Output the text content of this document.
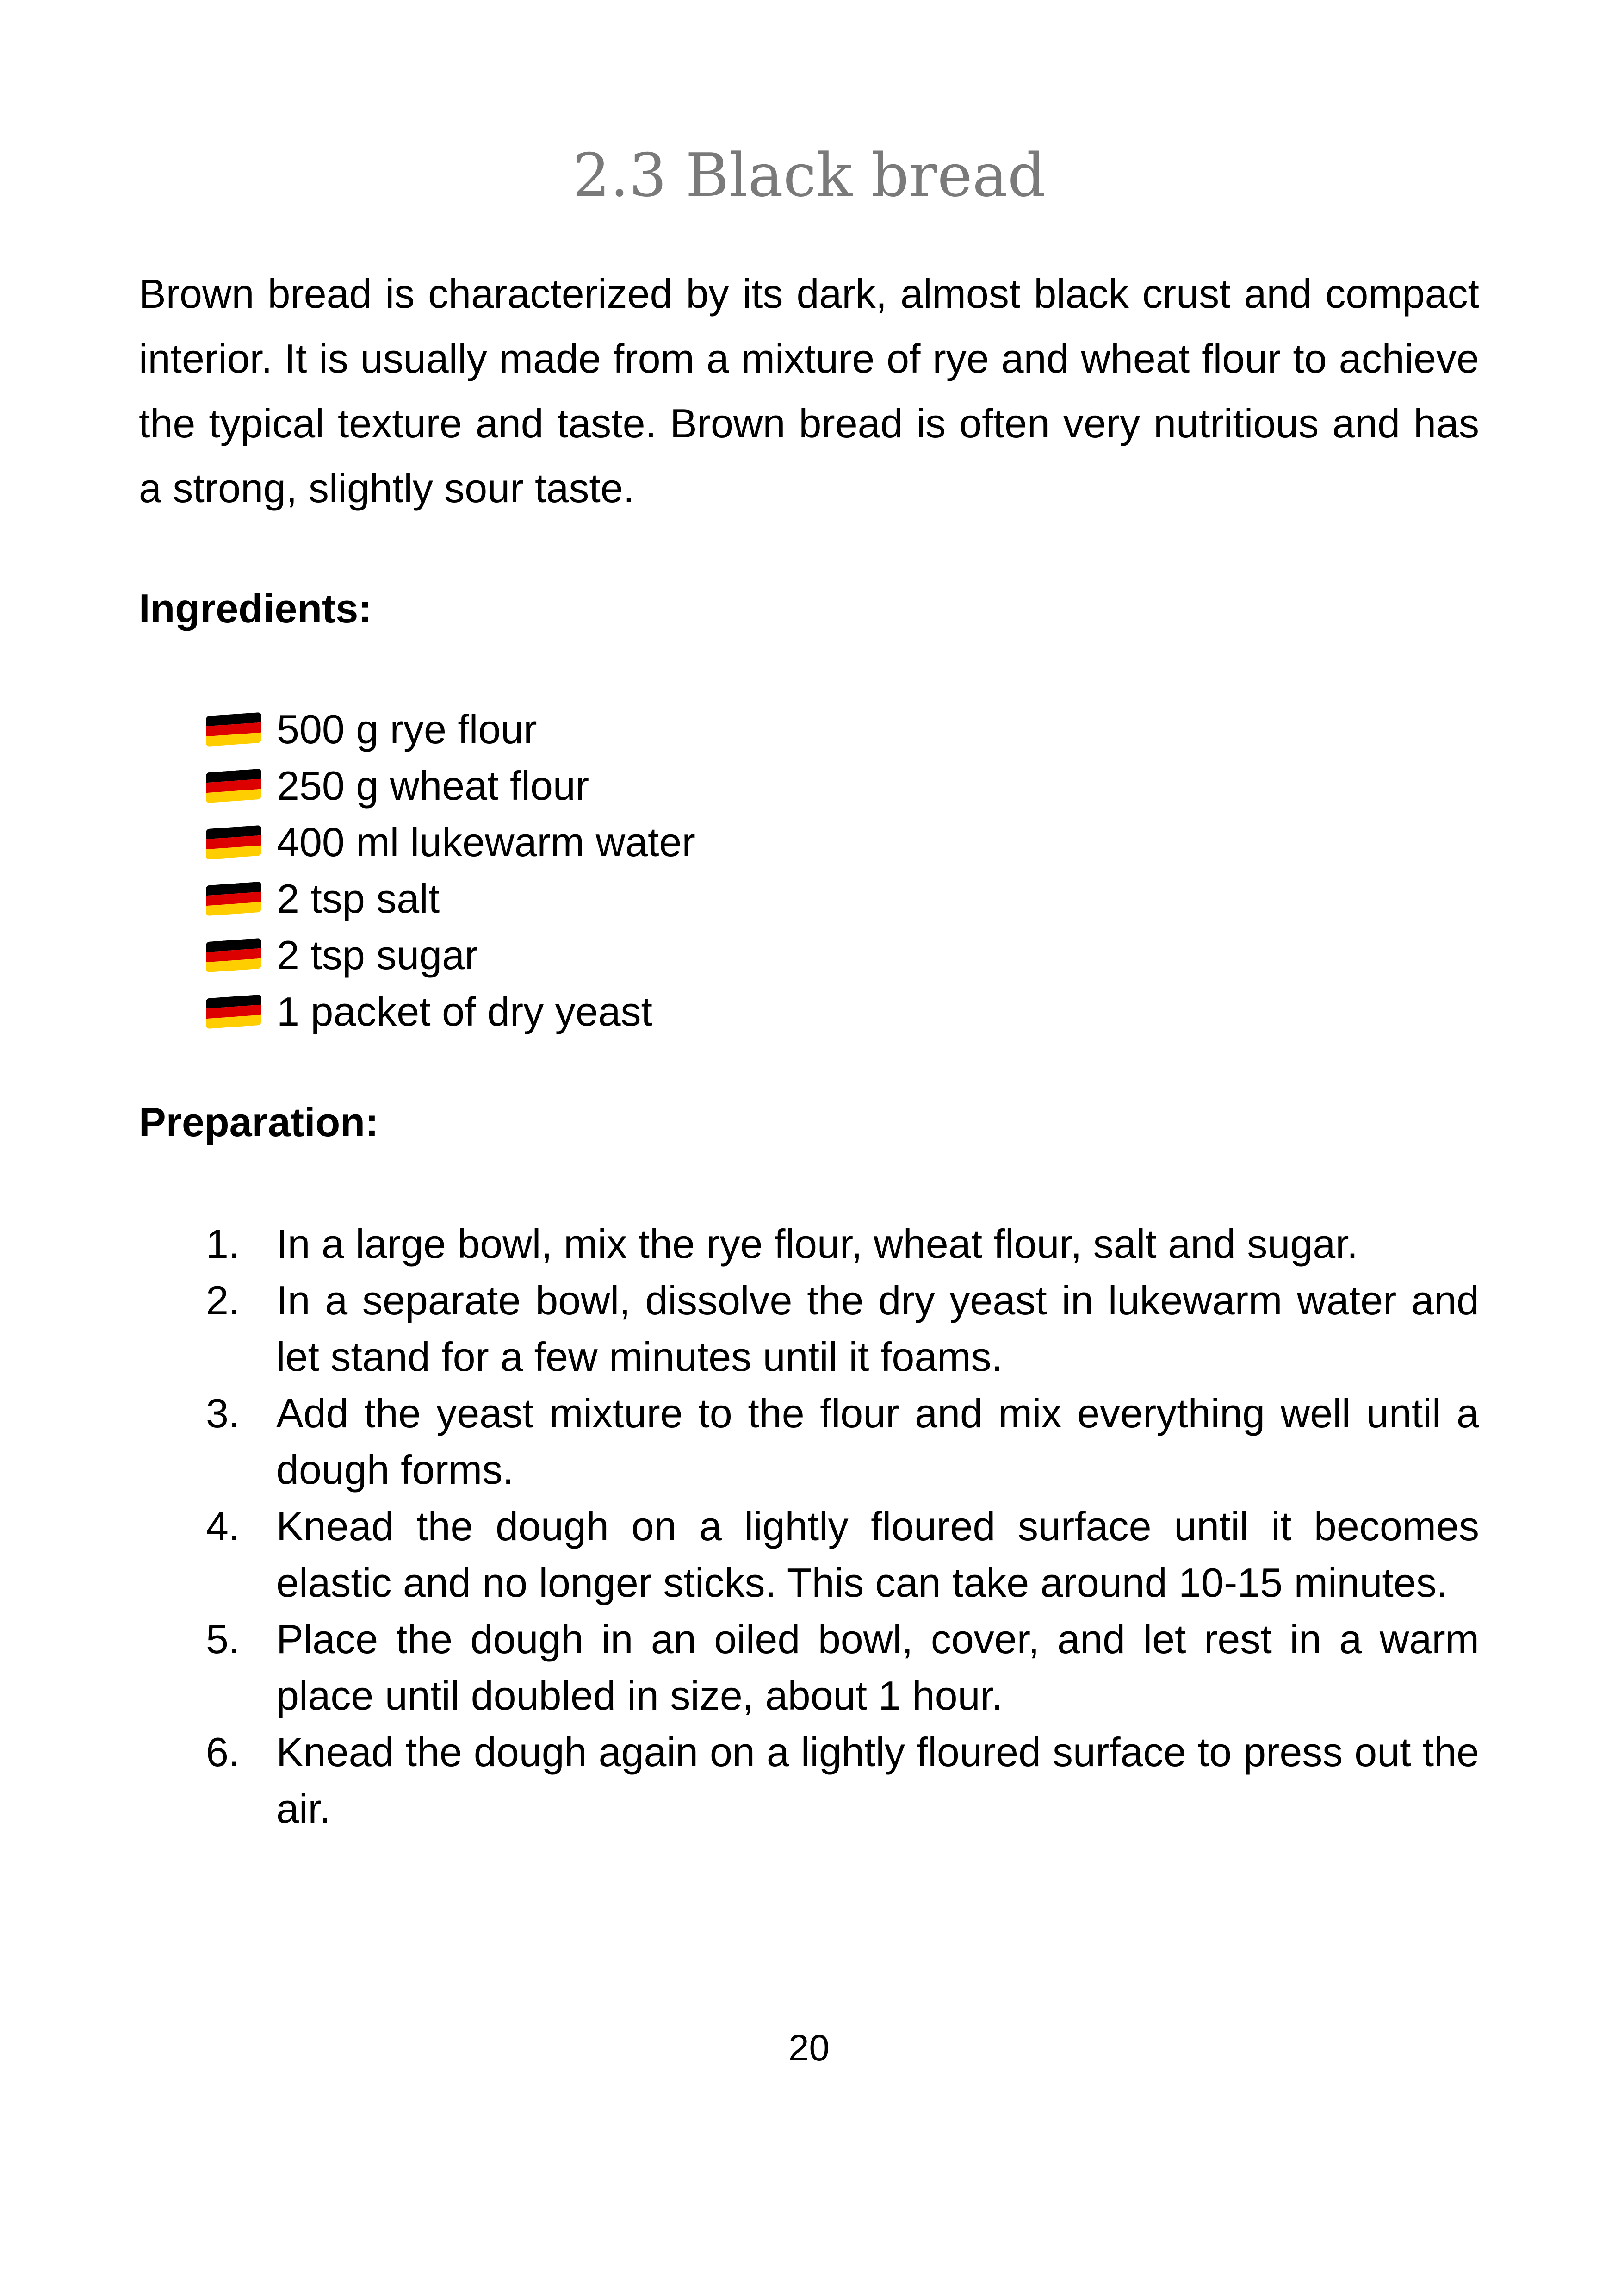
2.3 Black bread

Brown bread is characterized by its dark, almost black crust and compact interior. It is usually made from a mixture of rye and wheat flour to achieve the typical texture and taste. Brown bread is often very nutritious and has a strong, slightly sour taste.

Ingredients:

500 g rye flour
250 g wheat flour
400 ml lukewarm water
2 tsp salt
2 tsp sugar
1 packet of dry yeast

Preparation:

1. In a large bowl, mix the rye flour, wheat flour, salt and sugar.
2. In a separate bowl, dissolve the dry yeast in lukewarm water and let stand for a few minutes until it foams.
3. Add the yeast mixture to the flour and mix everything well until a dough forms.
4. Knead the dough on a lightly floured surface until it becomes elastic and no longer sticks. This can take around 10-15 minutes.
5. Place the dough in an oiled bowl, cover, and let rest in a warm place until doubled in size, about 1 hour.
6. Knead the dough again on a lightly floured surface to press out the air.

20
